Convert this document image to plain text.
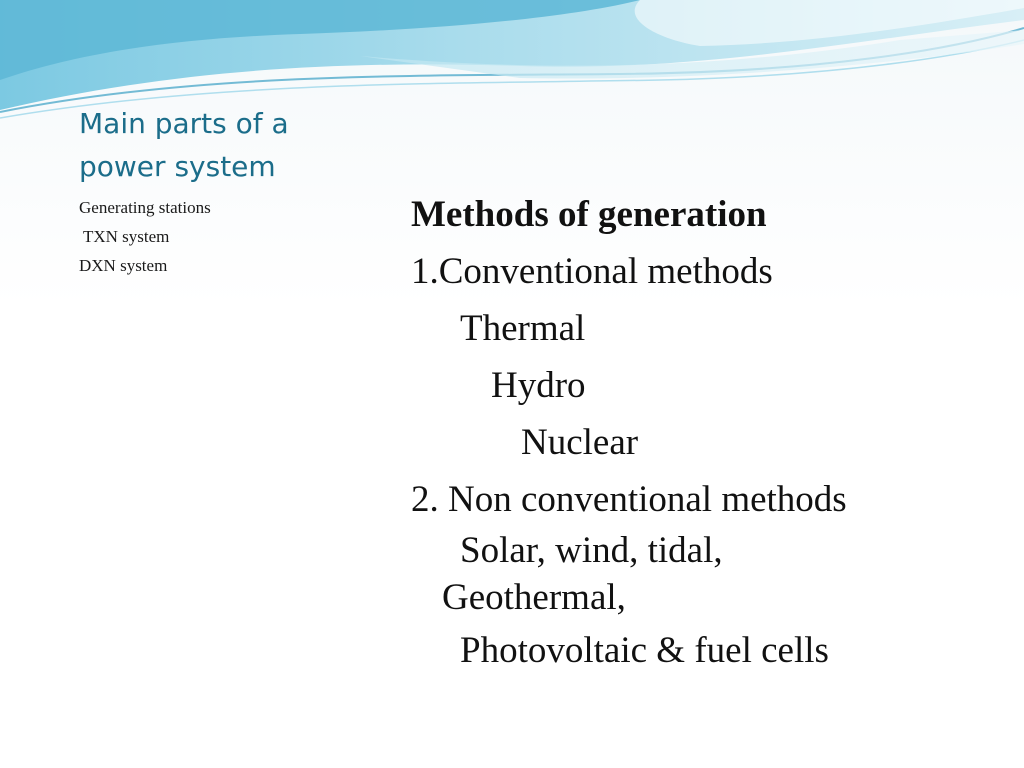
Main parts of a
power system
Generating stations
TXN system
DXN system
Methods of generation
1.Conventional methods
Thermal
Hydro
Nuclear
2. Non conventional methods
Solar, wind, tidal,
Geothermal,
Photovoltaic & fuel cells
